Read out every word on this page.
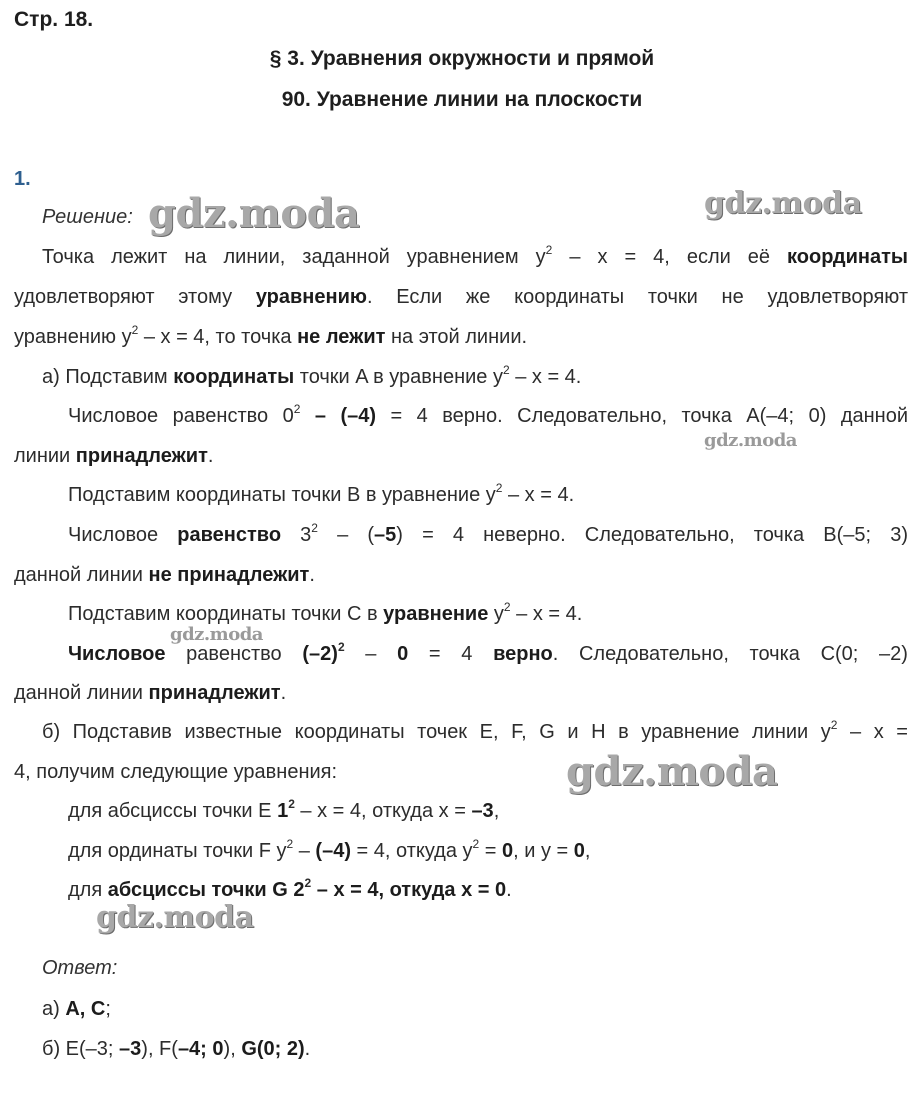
Стр. 18.
§ 3. Уравнения окружности и прямой
90. Уравнение линии на плоскости
1.
Решение:
Точка лежит на линии, заданной уравнением $y^2 - x = 4$, если её координаты
удовлетворяют этому уравнению. Если же координаты точки не удовлетворяют
уравнению $y^2 - x = 4$, то точка не лежит на этой линии.
а) Подставим координаты точки A в уравнение $y^2 - x = 4$.
Числовое равенство $0^2 - (-4) = 4$ верно. Следовательно, точка A(–4; 0) данной
линии принадлежит.
Подставим координаты точки B в уравнение $y^2 - x = 4$.
Числовое равенство $3^2 - (-5) = 4$ неверно. Следовательно, точка B(–5; 3)
данной линии не принадлежит.
Подставим координаты точки C в уравнение $y^2 - x = 4$.
Числовое равенство $(-2)^2 - 0 = 4$ верно. Следовательно, точка C(0; –2)
данной линии принадлежит.
б) Подставив известные координаты точек E, F, G и H в уравнение линии $y^2$ – x =
4, получим следующие уравнения:
для абсциссы точки E $1^2 - x = 4$, откуда x = –3,
для ординаты точки F $y^2 - (-4) = 4$, откуда $y^2 = 0$, и y = 0,
для абсциссы точки G $2^2 - x = 4$, откуда x = 0.
Ответ:
а) A, C;
б) E(–3; –3), F(–4; 0), G(0; 2).
gdz.moda	gdz.moda
gdz.moda
gdz.moda
gdz.moda
gdz.moda
